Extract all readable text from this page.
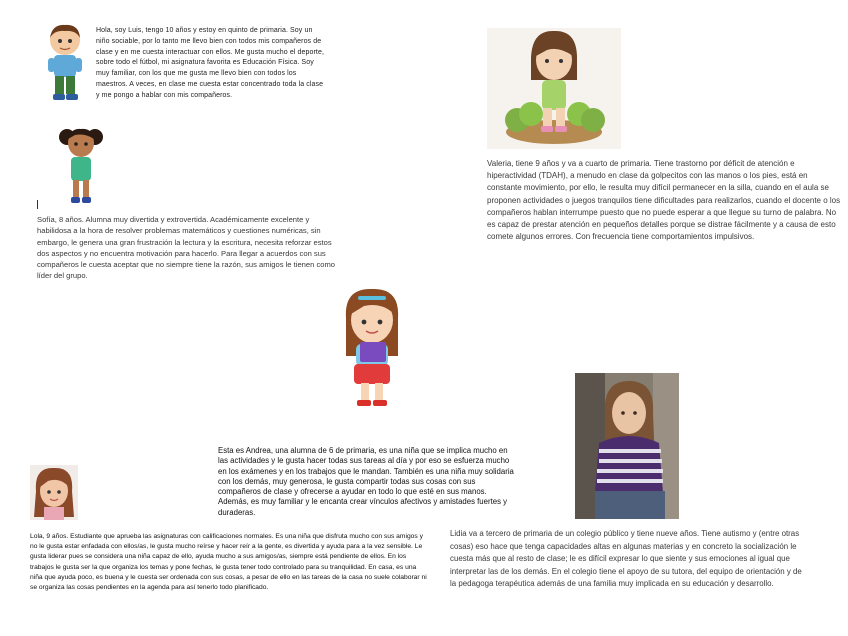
Hola, soy Luis, tengo 10 años y estoy en quinto de primaria. Soy un niño sociable, por lo tanto me llevo bien con todos mis compañeros de clase y en me cuesta interactuar con ellos. Me gusta mucho el deporte, sobre todo el fútbol, mi asignatura favorita es Educación Física. Soy muy familiar, con los que me gusta me llevo bien con todos los maestros. A veces, en clase me cuesta estar concentrado toda la clase y me pongo a hablar con mis compañeros.
Valeria, tiene 9 años y va a cuarto de primaria. Tiene trastorno por déficit de atención e hiperactividad (TDAH), a menudo en clase da golpecitos con las manos o los pies, está en constante movimiento, por ello, le resulta muy difícil permanecer en la silla, cuando en el aula se proponen actividades o juegos tranquilos tiene dificultades para realizarlos, cuando el docente o los compañeros hablan interrumpe puesto que no puede esperar a que llegue su turno de palabra. No es capaz de prestar atención en pequeños detalles porque se distrae fácilmente y a causa de esto comete algunos errores. Con frecuencia tiene comportamientos impulsivos.
Sofía, 8 años. Alumna muy divertida y extrovertida. Académicamente excelente y habilidosa a la hora de resolver problemas matemáticos y cuestiones numéricas, sin embargo, le genera una gran frustración la lectura y la escritura, necesita reforzar estos dos aspectos y no encuentra motivación para hacerlo. Para llegar a acuerdos con sus compañeros le cuesta aceptar que no siempre tiene la razón, sus amigos le tienen como líder del grupo.
Esta es Andrea, una alumna de 6 de primaria, es una niña que se implica mucho en las actividades y le gusta hacer todas sus tareas al día y por eso se esfuerza mucho en los exámenes y en los trabajos que le mandan. También es una niña muy solidaria con los demás, muy generosa, le gusta compartir todas sus cosas con sus compañeros de clase y ofrecerse a ayudar en todo lo que esté en sus manos. Además, es muy familiar y le encanta crear vínculos afectivos y amistades fuertes y duraderas.
Lola, 9 años. Estudiante que aprueba las asignaturas con calificaciones normales. Es una niña que disfruta mucho con sus amigos y no le gusta estar enfadada con ellos/as, le gusta mucho reírse y hacer reír a la gente, es divertida y ayuda para a la vez sensible. Le gusta liderar pues se considera una niña capaz de ello, ayuda mucho a sus amigos/as, siempre está pendiente de ellos. En los trabajos le gusta ser la que organiza los temas y pone fechas, le gusta tener todo controlado para su tranquilidad. En casa, es una niña que ayuda poco, es buena y le cuesta ser ordenada con sus cosas, a pesar de ello en las tareas de la casa no suele colaborar ni se organiza las cosas pendientes en la agenda para así tenerlo todo planificado.
Lidia va a tercero de primaria de un colegio público y tiene nueve años. Tiene autismo y (entre otras cosas) eso hace que tenga capacidades altas en algunas materias y en concreto la socialización le cuesta más que al resto de clase; le es difícil expresar lo que siente y sus emociones al igual que interpretar las de los demás. En el colegio tiene el apoyo de su tutora, del equipo de orientación y de la pedagoga terapéutica además de una familia muy implicada en su educación y desarrollo.
